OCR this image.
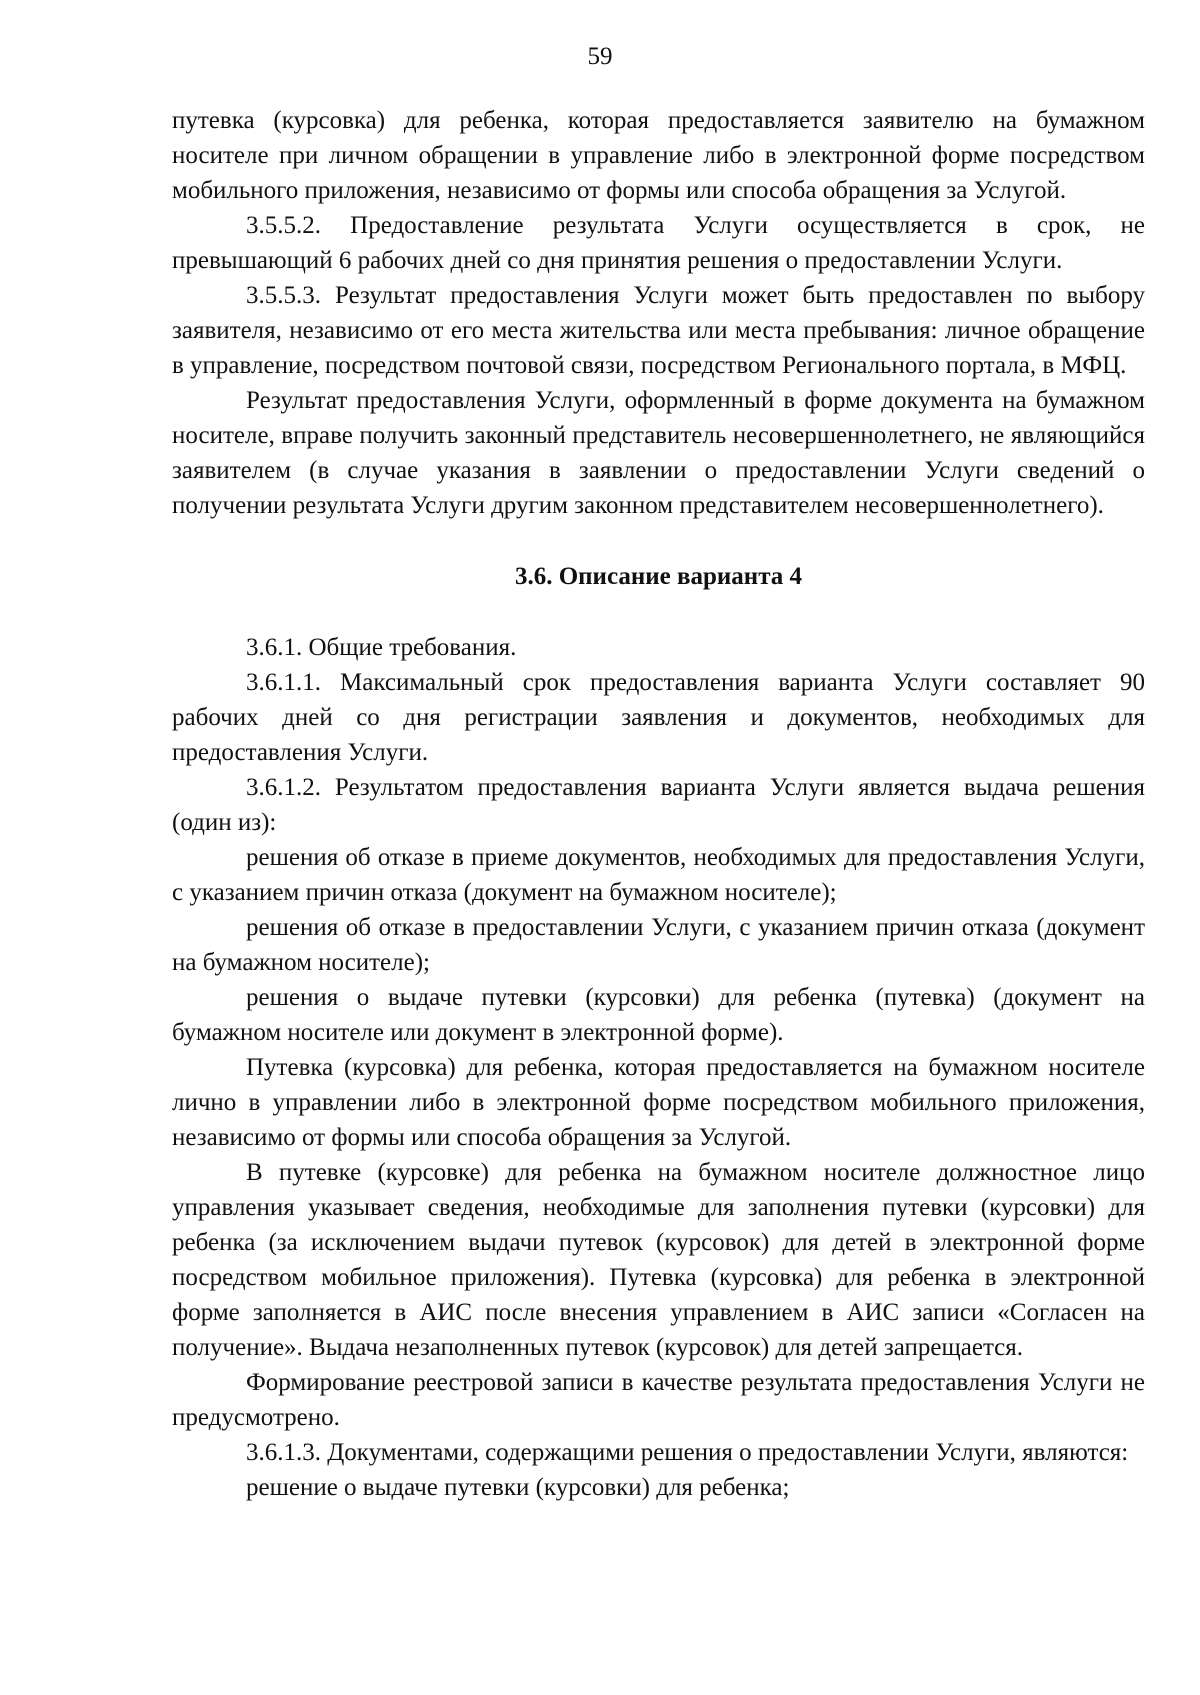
59

путевка (курсовка) для ребенка, которая предоставляется заявителю на бумажном носителе при личном обращении в управление либо в электронной форме посредством мобильного приложения, независимо от формы или способа обращения за Услугой.

3.5.5.2. Предоставление результата Услуги осуществляется в срок, не превышающий 6 рабочих дней со дня принятия решения о предоставлении Услуги.

3.5.5.3. Результат предоставления Услуги может быть предоставлен по выбору заявителя, независимо от его места жительства или места пребывания: личное обращение в управление, посредством почтовой связи, посредством Регионального портала, в МФЦ.

Результат предоставления Услуги, оформленный в форме документа на бумажном носителе, вправе получить законный представитель несовершеннолетнего, не являющийся заявителем (в случае указания в заявлении о предоставлении Услуги сведений о получении результата Услуги другим законном представителем несовершеннолетнего).

3.6. Описание варианта 4

3.6.1. Общие требования.

3.6.1.1. Максимальный срок предоставления варианта Услуги составляет 90 рабочих дней со дня регистрации заявления и документов, необходимых для предоставления Услуги.

3.6.1.2. Результатом предоставления варианта Услуги является выдача решения (один из):

решения об отказе в приеме документов, необходимых для предоставления Услуги, с указанием причин отказа (документ на бумажном носителе);

решения об отказе в предоставлении Услуги, с указанием причин отказа (документ на бумажном носителе);

решения о выдаче путевки (курсовки) для ребенка (путевка) (документ на бумажном носителе или документ в электронной форме).

Путевка (курсовка) для ребенка, которая предоставляется на бумажном носителе лично в управлении либо в электронной форме посредством мобильного приложения, независимо от формы или способа обращения за Услугой.

В путевке (курсовке) для ребенка на бумажном носителе должностное лицо управления указывает сведения, необходимые для заполнения путевки (курсовки) для ребенка (за исключением выдачи путевок (курсовок) для детей в электронной форме посредством мобильное приложения). Путевка (курсовка) для ребенка в электронной форме заполняется в АИС после внесения управлением в АИС записи «Согласен на получение». Выдача незаполненных путевок (курсовок) для детей запрещается.

Формирование реестровой записи в качестве результата предоставления Услуги не предусмотрено.

3.6.1.3. Документами, содержащими решения о предоставлении Услуги, являются:

решение о выдаче путевки (курсовки) для ребенка;
